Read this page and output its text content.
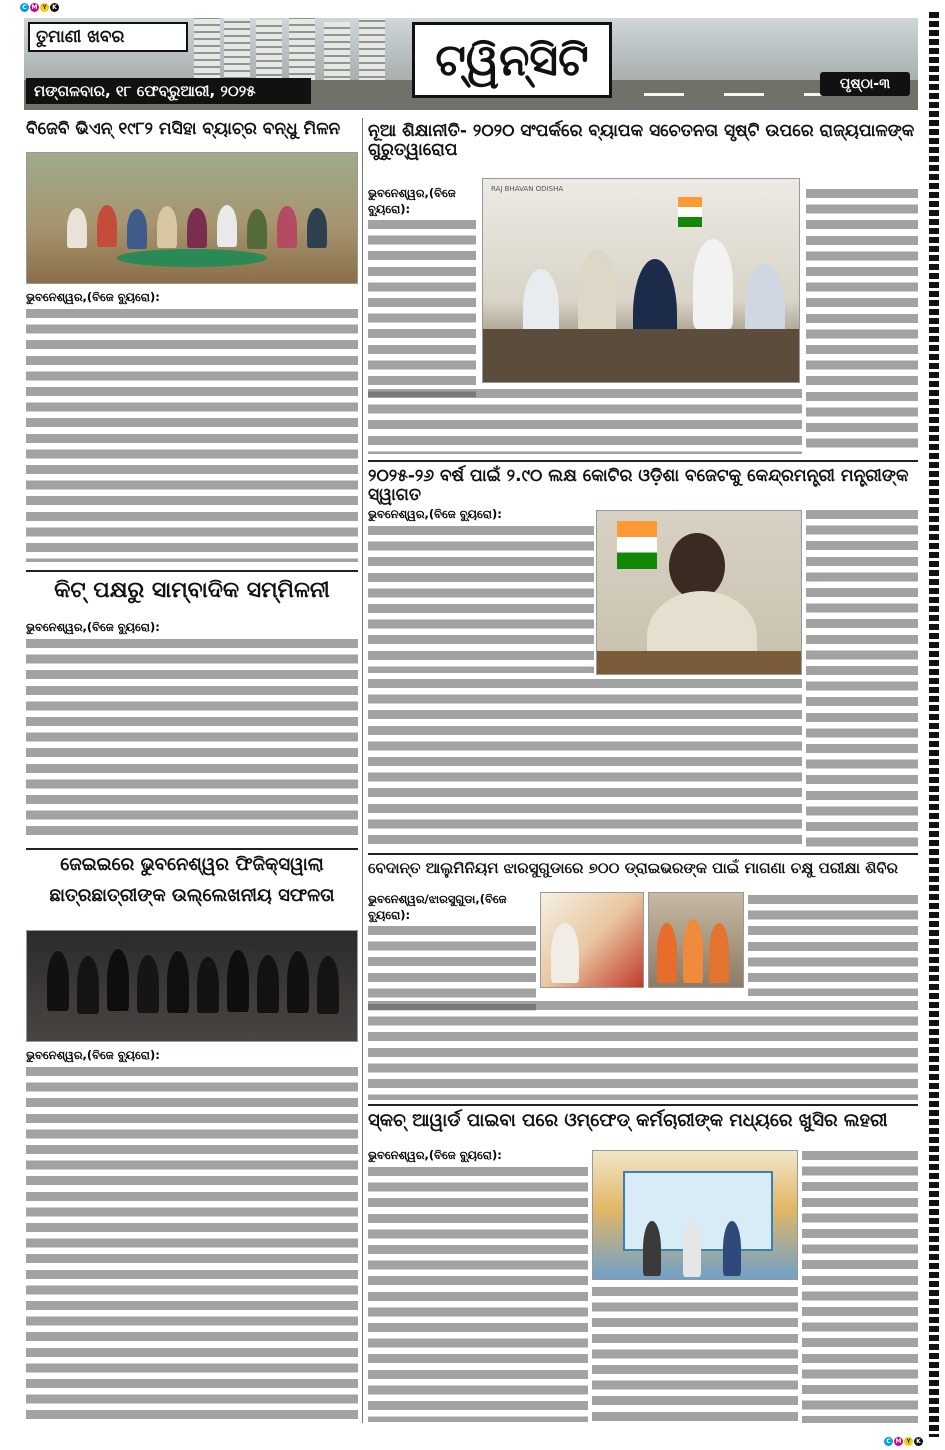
C M Y K
C M Y K
ତୁମାଣୀ ଖବର
ମଙ୍ଗଳବାର, ୧୮ ଫେବ୍ରୁଆରୀ, ୨୦୨୫
ଟ୍ୱିନ୍‌ସିଟି	ପୃଷ୍ଠା-୩
ବିଜେବି ଭିଏନ୍ ୧୯୮୨ ମସିହା ବ୍ୟାଚ୍‌ର ବନ୍ଧୁ ମିଳନ
ଭୁବନେଶ୍ୱର,(ବିଜେ ବ୍ୟୁରୋ):
କିଟ୍ ପକ୍ଷରୁ ସାମ୍ବାଦିକ ସମ୍ମିଳନୀ
ଭୁବନେଶ୍ୱର,(ବିଜେ ବ୍ୟୁରୋ):
ଜେଇଇରେ ଭୁବନେଶ୍ୱର ଫିଜିକ୍ସୱାଲା
ଛାତ୍ରଛାତ୍ରୀଙ୍କ ଉଲ୍ଲେଖନୀୟ ସଫଳତା
ଭୁବନେଶ୍ୱର,(ବିଜେ ବ୍ୟୁରୋ):
ନୂଆ ଶିକ୍ଷାନୀତି- ୨୦୨୦ ସଂପର୍କରେ ବ୍ୟାପକ ସଚେତନତା ସୃଷ୍ଟି ଉପରେ ରାଜ୍ୟପାଳଙ୍କ ଗୁରୁତ୍ୱାରୋପ
RAJ BHAVAN ODISHA
ଭୁବନେଶ୍ୱର,(ବିଜେ ବ୍ୟୁରୋ):
୨୦୨୫-୨୬ ବର୍ଷ ପାଇଁ ୨.୯୦ ଲକ୍ଷ କୋଟିର ଓଡ଼ିଶା ବଜେଟକୁ କେନ୍ଦ୍ରମନ୍ତ୍ରୀ ମନ୍ତ୍ରୀଙ୍କ ସ୍ୱାଗତ
ଭୁବନେଶ୍ୱର,(ବିଜେ ବ୍ୟୁରୋ):
ବେଦାନ୍ତ ଆଲୁମିନିୟମ ଝାରସୁଗୁଡାରେ ୭୦୦ ଡ୍ରାଇଭରଙ୍କ ପାଇଁ ମାଗଣା ଚକ୍ଷୁ ପରୀକ୍ଷା ଶିବିର
ଭୁବନେଶ୍ୱର/ଝାରସୁଗୁଡା,(ବିଜେ ବ୍ୟୁରୋ):
ସ୍କଚ୍ ଆୱାର୍ଡ ପାଇବା ପରେ ଓମ୍ଫେଡ୍ କର୍ମଚାରୀଙ୍କ ମଧ୍ୟରେ ଖୁସିର ଲହରୀ
ଭୁବନେଶ୍ୱର,(ବିଜେ ବ୍ୟୁରୋ):
